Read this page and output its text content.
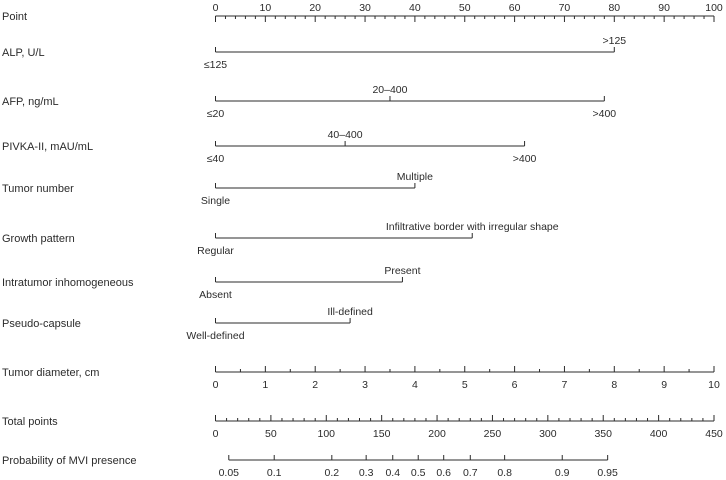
Point
0	10	20	30	40	50	60	70	80	90	100
ALP, U/L
≤125
>125
AFP, ng/mL
≤20
20–400
>400
PIVKA-II, mAU/mL
≤40
40–400
>400
Tumor number
Single
Multiple
Growth pattern
Regular
Infiltrative border with irregular shape
Intratumor inhomogeneous
Absent
Present
Pseudo-capsule
Well-defined
Ill-defined
Tumor diameter, cm
0	1	2	3	4	5	6	7	8	9	10
Total points
0	50	100	150	200	250	300	350	400	450
Probability of MVI presence
0.05	0.1	0.2 0.3 0.4 0.5 0.6 0.7 0.8	0.9	0.95
